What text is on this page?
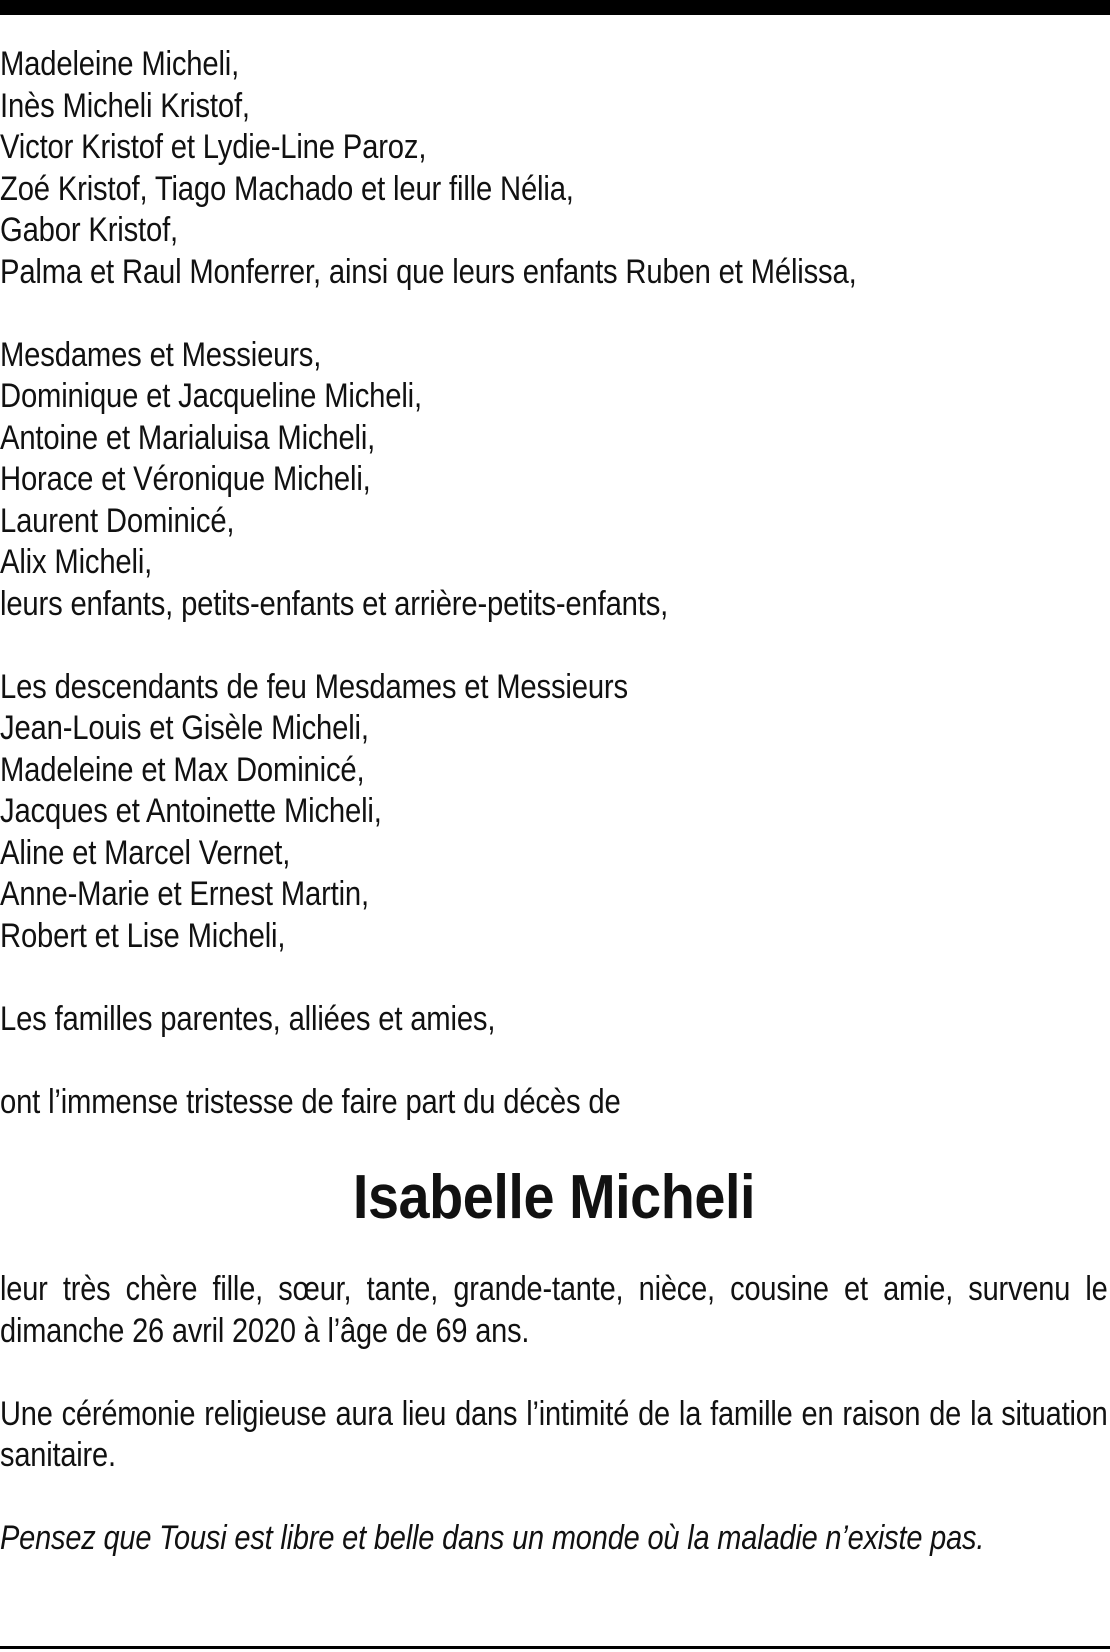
Madeleine Micheli,
Inès Micheli Kristof,
Victor Kristof et Lydie-Line Paroz,
Zoé Kristof, Tiago Machado et leur fille Nélia,
Gabor Kristof,
Palma et Raul Monferrer, ainsi que leurs enfants Ruben et Mélissa,
Mesdames et Messieurs,
Dominique et Jacqueline Micheli,
Antoine et Marialuisa Micheli,
Horace et Véronique Micheli,
Laurent Dominicé,
Alix Micheli,
leurs enfants, petits-enfants et arrière-petits-enfants,
Les descendants de feu Mesdames et Messieurs
Jean-Louis et Gisèle Micheli,
Madeleine et Max Dominicé,
Jacques et Antoinette Micheli,
Aline et Marcel Vernet,
Anne-Marie et Ernest Martin,
Robert et Lise Micheli,
Les familles parentes, alliées et amies,
ont l’immense tristesse de faire part du décès de
Isabelle Micheli
leur très chère fille, sœur, tante, grande-tante, nièce, cousine et amie, survenu le dimanche 26 avril 2020 à l’âge de 69 ans.
Une cérémonie religieuse aura lieu dans l’intimité de la famille en raison de la situation sanitaire.
Pensez que Tousi est libre et belle dans un monde où la maladie n’existe pas.
